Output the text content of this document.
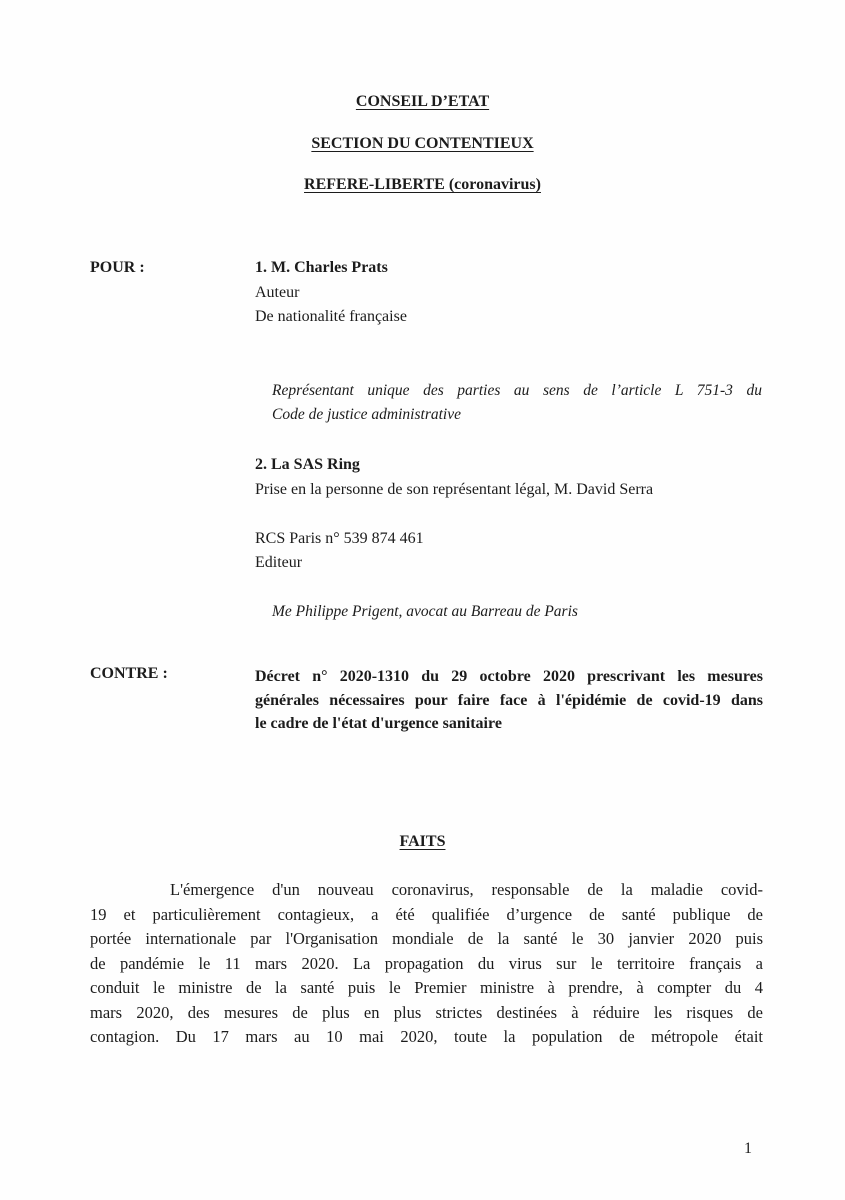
CONSEIL D’ETAT
SECTION DU CONTENTIEUX
REFERE-LIBERTE (coronavirus)
POUR :	1. M. Charles Prats
Auteur
De nationalité française
Représentant unique des parties au sens de l’article L 751-3 du
Code de justice administrative
2. La SAS Ring
Prise en la personne de son représentant légal, M. David Serra
RCS Paris n° 539 874 461
Editeur
Me Philippe Prigent, avocat au Barreau de Paris
CONTRE :	Décret n° 2020-1310 du 29 octobre 2020 prescrivant les mesures
générales nécessaires pour faire face à l'épidémie de covid-19 dans
le cadre de l'état d'urgence sanitaire
FAITS
L'émergence d'un nouveau coronavirus, responsable de la maladie covid-
19 et particulièrement contagieux, a été qualifiée d’urgence de santé publique de
portée internationale par l'Organisation mondiale de la santé le 30 janvier 2020 puis
de pandémie le 11 mars 2020. La propagation du virus sur le territoire français a
conduit le ministre de la santé puis le Premier ministre à prendre, à compter du 4
mars 2020, des mesures de plus en plus strictes destinées à réduire les risques de
contagion. Du 17 mars au 10 mai 2020, toute la population de métropole était
1
